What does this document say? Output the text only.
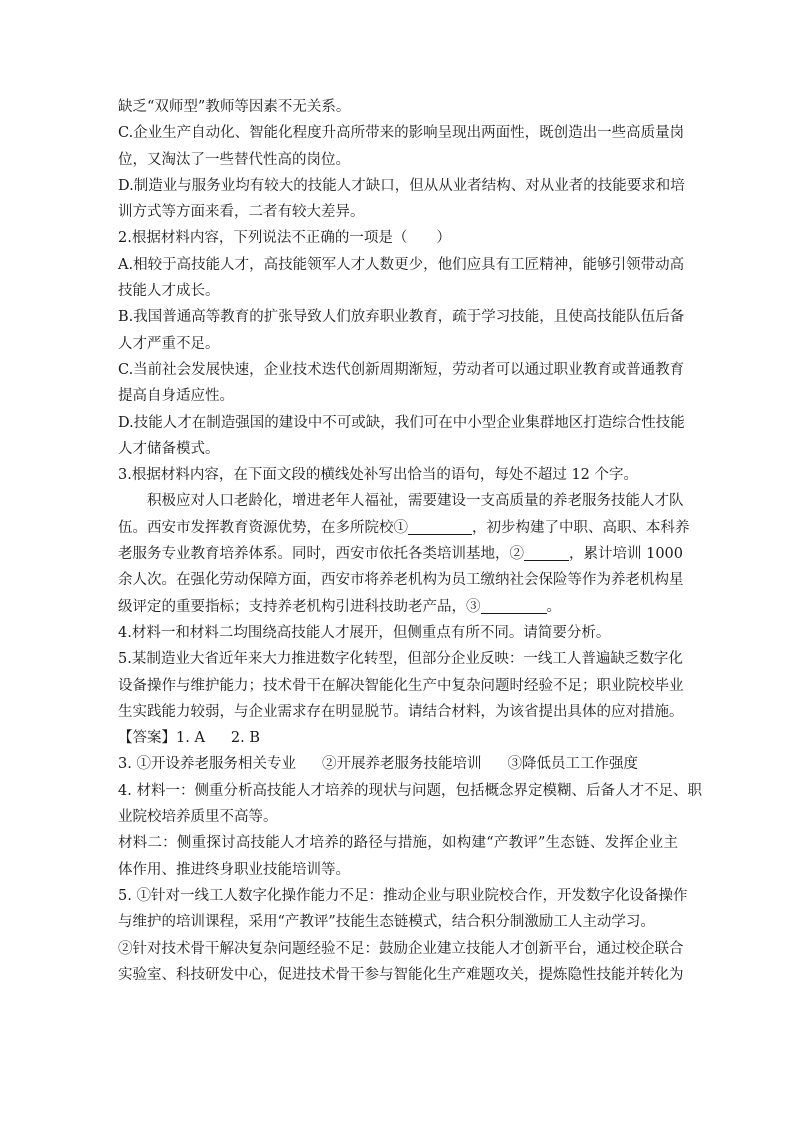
缺乏“双师型”教师等因素不无关系。
C.企业生产自动化、智能化程度升高所带来的影响呈现出两面性，既创造出一些高质量岗
位，又淘汰了一些替代性高的岗位。
D.制造业与服务业均有较大的技能人才缺口，但从从业者结构、对从业者的技能要求和培
训方式等方面来看，二者有较大差异。
2.根据材料内容，下列说法不正确的一项是（　　）
A.相较于高技能人才，高技能领军人才人数更少，他们应具有工匠精神，能够引领带动高
技能人才成长。
B.我国普通高等教育的扩张导致人们放弃职业教育，疏于学习技能，且使高技能队伍后备
人才严重不足。
C.当前社会发展快速，企业技术迭代创新周期渐短，劳动者可以通过职业教育或普通教育
提高自身适应性。
D.技能人才在制造强国的建设中不可或缺，我们可在中小型企业集群地区打造综合性技能
人才储备模式。
3.根据材料内容，在下面文段的横线处补写出恰当的语句，每处不超过 12 个字。
积极应对人口老龄化，增进老年人福祉，需要建设一支高质量的养老服务技能人才队
伍。西安市发挥教育资源优势，在多所院校①	，初步构建了中职、高职、本科养
老服务专业教育培养体系。同时，西安市依托各类培训基地，②	，累计培训 1000
余人次。在强化劳动保障方面，西安市将养老机构为员工缴纳社会保险等作为养老机构星
级评定的重要指标；支持养老机构引进科技助老产品，③	。
4.材料一和材料二均围绕高技能人才展开，但侧重点有所不同。请简要分析。
5.某制造业大省近年来大力推进数字化转型，但部分企业反映：一线工人普遍缺乏数字化
设备操作与维护能力；技术骨干在解决智能化生产中复杂问题时经验不足；职业院校毕业
生实践能力较弱，与企业需求存在明显脱节。请结合材料，为该省提出具体的应对措施。
【答案】1. A 2. B
3. ①开设养老服务相关专业 ②开展养老服务技能培训 ③降低员工工作强度
4. 材料一：侧重分析高技能人才培养的现状与问题，包括概念界定模糊、后备人才不足、职
业院校培养质里不高等。
材料二：侧重探讨高技能人才培养的路径与措施，如构建“产教评”生态链、发挥企业主
体作用、推进终身职业技能培训等。
5. ①针对一线工人数字化操作能力不足：推动企业与职业院校合作，开发数字化设备操作
与维护的培训课程，采用“产教评”技能生态链模式，结合积分制激励工人主动学习。
②针对技术骨干解决复杂问题经验不足：鼓励企业建立技能人才创新平台，通过校企联合
实验室、科技研发中心，促进技术骨干参与智能化生产难题攻关，提炼隐性技能并转化为
